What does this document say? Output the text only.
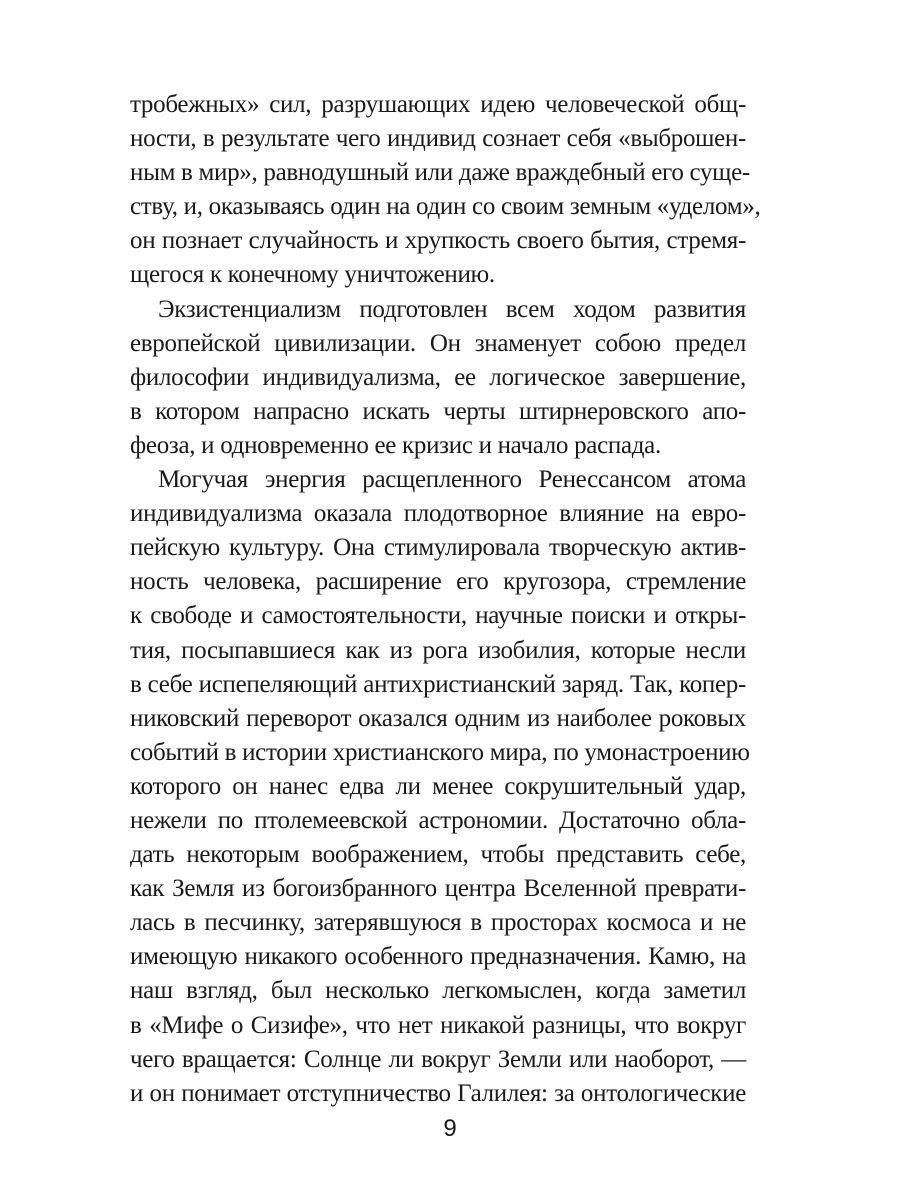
тробежных» сил, разрушающих идею человеческой общ-
ности, в результате чего индивид сознает себя «выброшен-
ным в мир», равнодушный или даже враждебный его суще-
ству, и, оказываясь один на один со своим земным «уделом»,
он познает случайность и хрупкость своего бытия, стремя-
щегося к конечному уничтожению.
Экзистенциализм подготовлен всем ходом развития
европейской цивилизации. Он знаменует собою предел
философии индивидуализма, ее логическое завершение,
в котором напрасно искать черты штирнеровского апо-
феоза, и одновременно ее кризис и начало распада.
Могучая энергия расщепленного Ренессансом атома
индивидуализма оказала плодотворное влияние на евро-
пейскую культуру. Она стимулировала творческую актив-
ность человека, расширение его кругозора, стремление
к свободе и самостоятельности, научные поиски и откры-
тия, посыпавшиеся как из рога изобилия, которые несли
в себе испепеляющий антихристианский заряд. Так, копер-
никовский переворот оказался одним из наиболее роковых
событий в истории христианского мира, по умонастроению
которого он нанес едва ли менее сокрушительный удар,
нежели по птолемеевской астрономии. Достаточно обла-
дать некоторым воображением, чтобы представить себе,
как Земля из богоизбранного центра Вселенной преврати-
лась в песчинку, затерявшуюся в просторах космоса и не
имеющую никакого особенного предназначения. Камю, на
наш взгляд, был несколько легкомыслен, когда заметил
в «Мифе о Сизифе», что нет никакой разницы, что вокруг
чего вращается: Солнце ли вокруг Земли или наоборот, —
и он понимает отступничество Галилея: за онтологические
9
